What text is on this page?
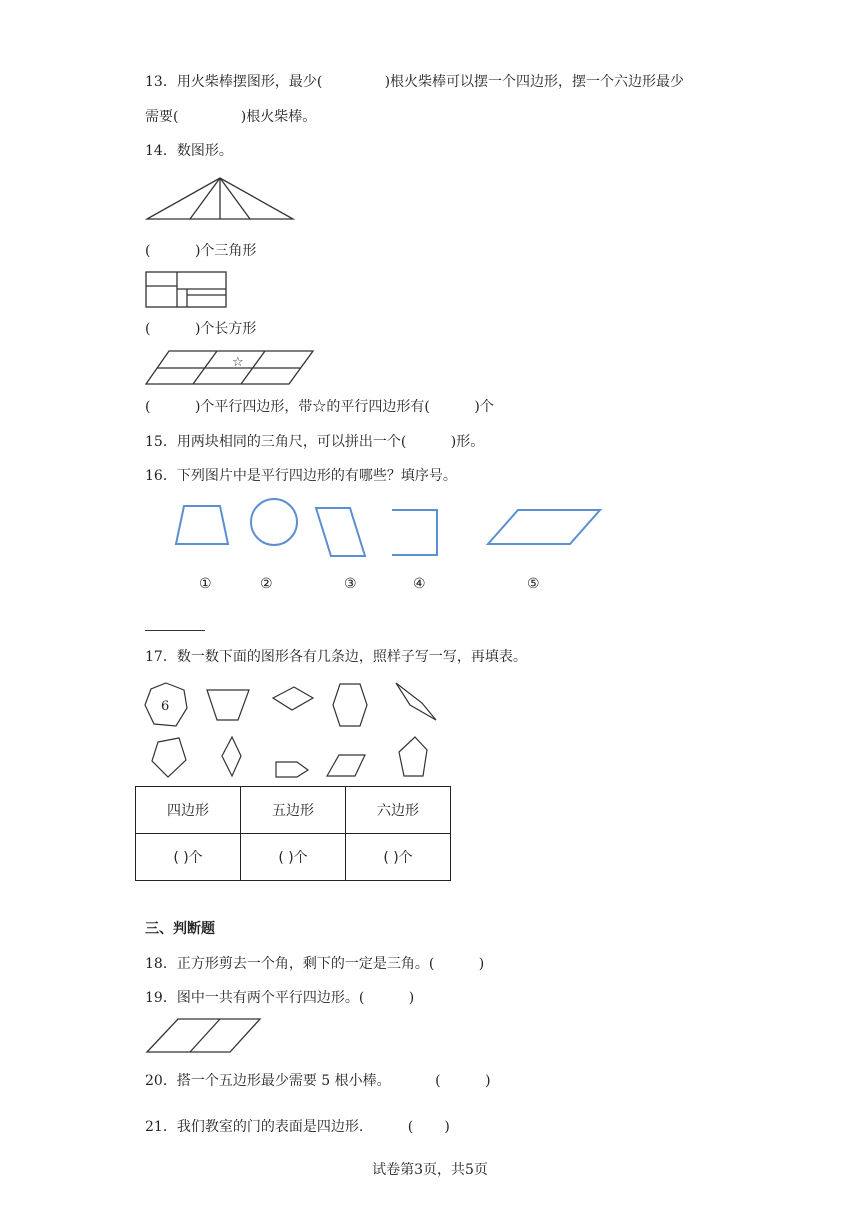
13．用火柴棒摆图形，最少(              )根火柴棒可以摆一个四边形，摆一个六边形最少
需要(              )根火柴棒。
14．数图形。
(          )个三角形
(          )个长方形
☆
(          )个平行四边形，带☆的平行四边形有(          )个
15．用两块相同的三角尺，可以拼出一个(          )形。
16．下列图片中是平行四边形的有哪些？填序号。
①	②	③	④	⑤
17．数一数下面的图形各有几条边，照样子写一写，再填表。
6
四边形	五边形	六边形
( )个	( )个	( )个
三、判断题
18．正方形剪去一个角，剩下的一定是三角。(          )
19．图中一共有两个平行四边形。(          )
20．搭一个五边形最少需要 5 根小棒。          (          )
21．我们教室的门的表面是四边形.          (       )
试卷第3页，共5页
